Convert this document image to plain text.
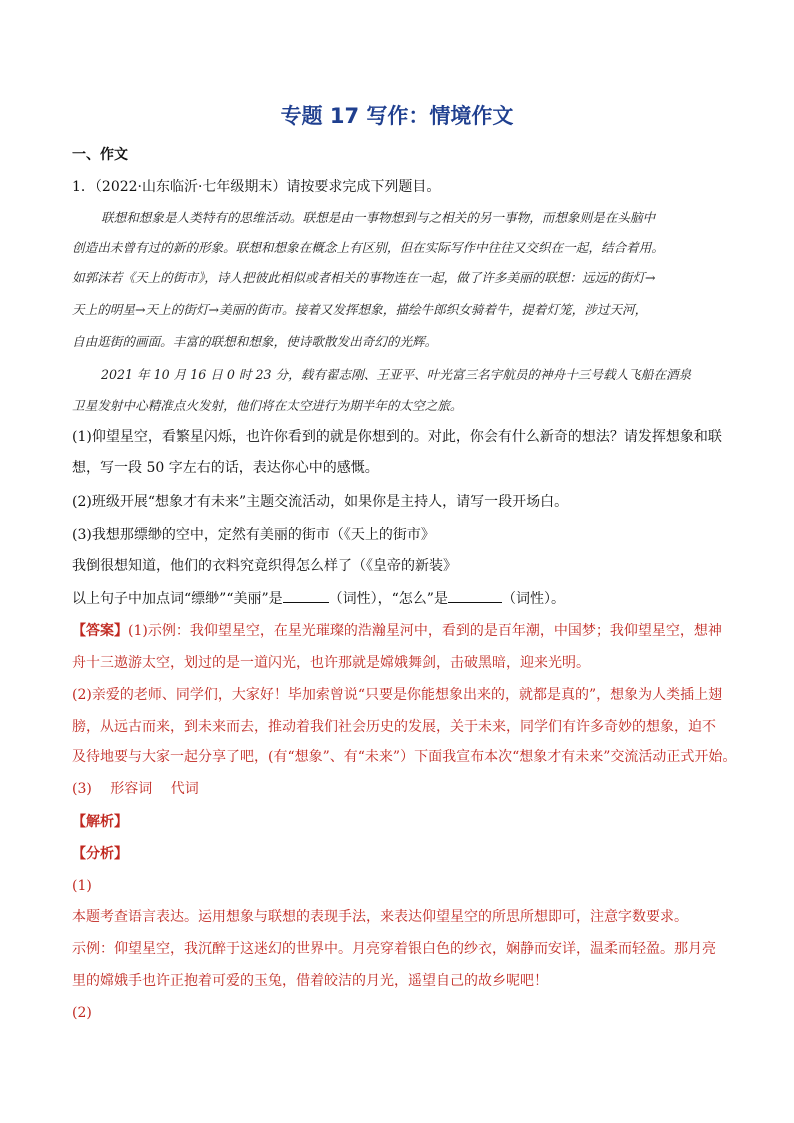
专题 17 写作：情境作文
一、作文
1．（2022·山东临沂·七年级期末）请按要求完成下列题目。
联想和想象是人类特有的思维活动。联想是由一事物想到与之相关的另一事物，而想象则是在头脑中
创造出未曾有过的新的形象。联想和想象在概念上有区别，但在实际写作中往往又交织在一起，结合着用。
如郭沫若《天上的街市》，诗人把彼此相似或者相关的事物连在一起，做了许多美丽的联想：远远的街灯→
天上的明星→天上的街灯→美丽的街市。接着又发挥想象，描绘牛郎织女骑着牛，提着灯笼，涉过天河，
自由逛街的画面。丰富的联想和想象，使诗歌散发出奇幻的光辉。
2021 年 10 月 16 日 0 时 23 分，载有翟志刚、王亚平、叶光富三名宇航员的神舟十三号载人飞船在酒泉
卫星发射中心精准点火发射，他们将在太空进行为期半年的太空之旅。
(1)仰望星空，看繁星闪烁，也许你看到的就是你想到的。对此，你会有什么新奇的想法？请发挥想象和联
想，写一段 50 字左右的话，表达你心中的感慨。
(2)班级开展“想象才有未来”主题交流活动，如果你是主持人，请写一段开场白。
(3)我想那缥缈的空中，定然有美丽的街市（《天上的街市》
我倒很想知道，他们的衣料究竟织得怎么样了（《皇帝的新装》
以上句子中加点词“缥缈”“美丽”是	（词性），“怎么”是	（词性）。
【答案】(1)示例：我仰望星空，在星光璀璨的浩瀚星河中，看到的是百年潮，中国梦；我仰望星空，想神
舟十三遨游太空，划过的是一道闪光，也许那就是嫦娥舞剑，击破黑暗，迎来光明。
(2)亲爱的老师、同学们，大家好！毕加索曾说“只要是你能想象出来的，就都是真的”，想象为人类插上翅
膀，从远古而来，到未来而去，推动着我们社会历史的发展，关于未来，同学们有许多奇妙的想象，迫不
及待地要与大家一起分享了吧，(有“想象”、有“未来”）下面我宣布本次“想象才有未来”交流活动正式开始。
(3)　 形容词　 代词
【解析】
【分析】
(1)
本题考查语言表达。运用想象与联想的表现手法，来表达仰望星空的所思所想即可，注意字数要求。
示例：仰望星空，我沉醉于这迷幻的世界中。月亮穿着银白色的纱衣，娴静而安详，温柔而轻盈。那月亮
里的嫦娥手也许正抱着可爱的玉兔，借着皎洁的月光，遥望自己的故乡呢吧！
(2)
